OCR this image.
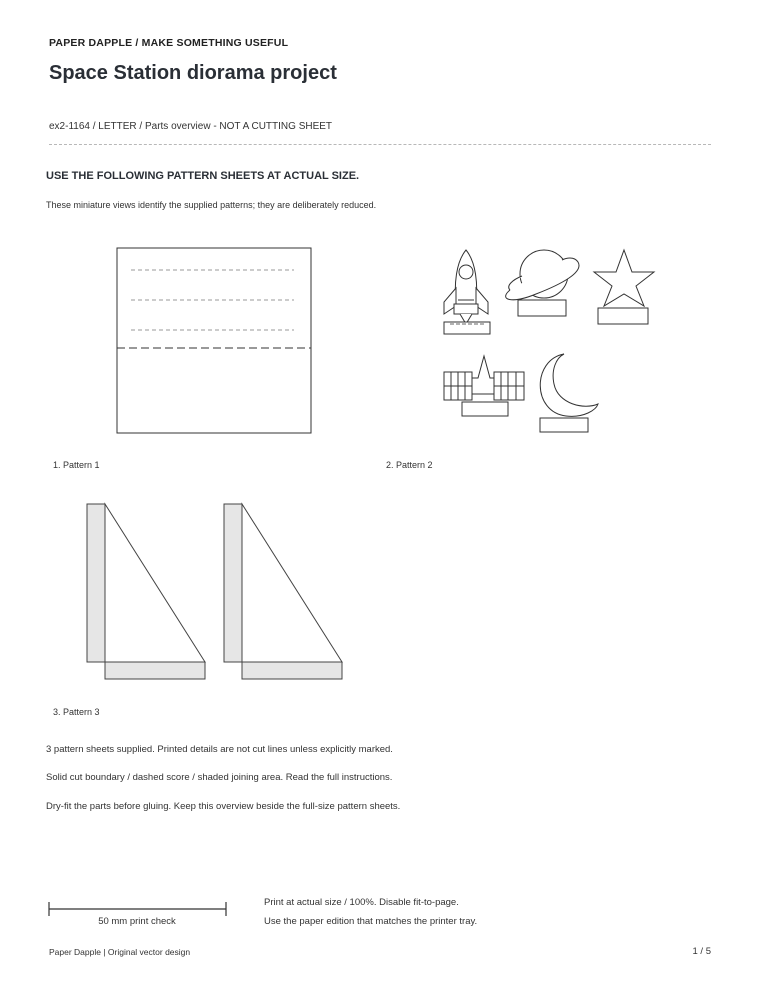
PAPER DAPPLE / MAKE SOMETHING USEFUL
Space Station diorama project
ex2-1164 / LETTER / Parts overview - NOT A CUTTING SHEET
USE THE FOLLOWING PATTERN SHEETS AT ACTUAL SIZE.
These miniature views identify the supplied patterns; they are deliberately reduced.
1. Pattern 1	2. Pattern 2
3. Pattern 3
3 pattern sheets supplied. Printed details are not cut lines unless explicitly marked.
Solid cut boundary / dashed score / shaded joining area. Read the full instructions.
Dry-fit the parts before gluing. Keep this overview beside the full-size pattern sheets.
50 mm print check
Print at actual size / 100%. Disable fit-to-page.
Use the paper edition that matches the printer tray.
Paper Dapple | Original vector design	1 / 5
